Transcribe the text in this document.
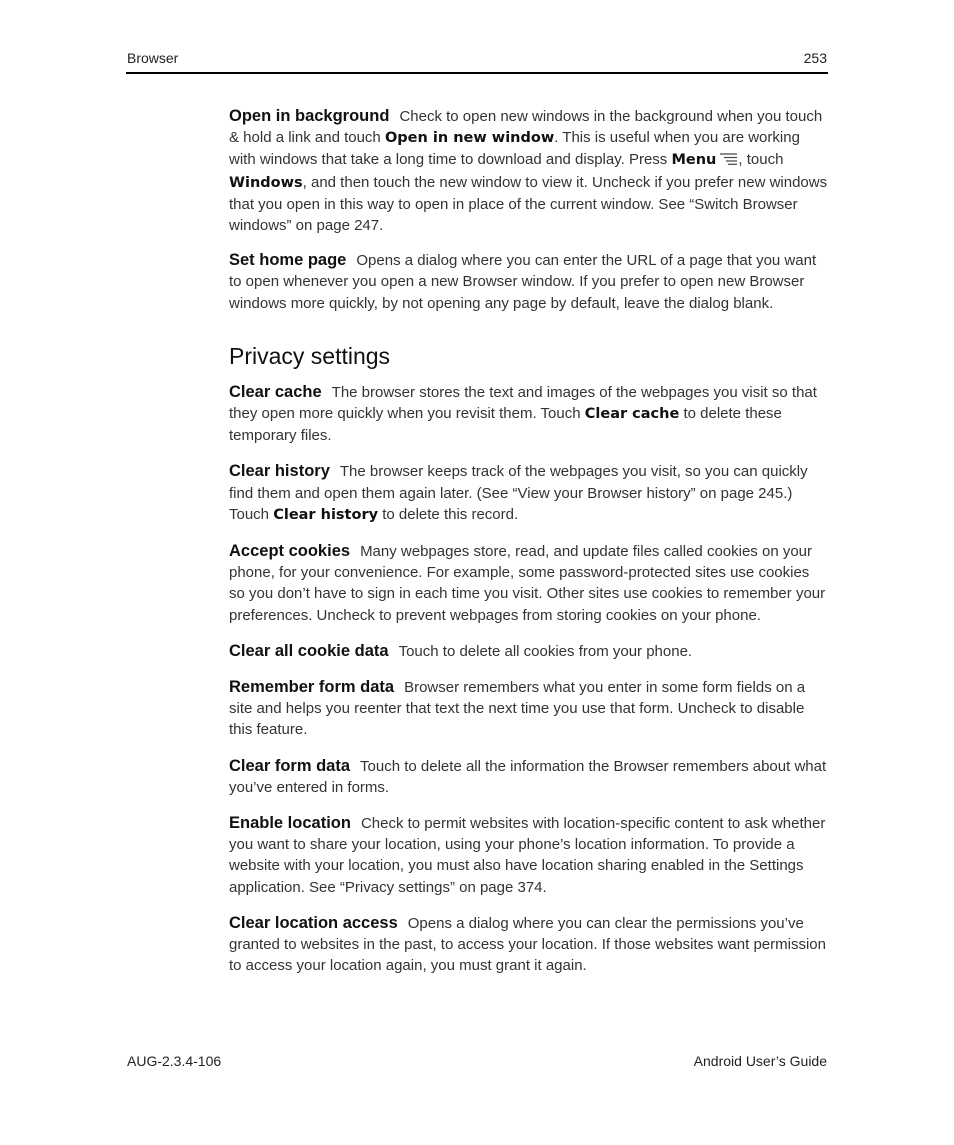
Browser	253

Open in background Check to open new windows in the background when you touch & hold a link and touch Open in new window. This is useful when you are working with windows that take a long time to download and display. Press Menu , touch Windows, and then touch the new window to view it. Uncheck if you prefer new windows that you open in this way to open in place of the current window. See “Switch Browser windows” on page 247.

Set home page Opens a dialog where you can enter the URL of a page that you want to open whenever you open a new Browser window. If you prefer to open new Browser windows more quickly, by not opening any page by default, leave the dialog blank.

Privacy settings

Clear cache The browser stores the text and images of the webpages you visit so that they open more quickly when you revisit them. Touch Clear cache to delete these temporary files.

Clear history The browser keeps track of the webpages you visit, so you can quickly find them and open them again later. (See “View your Browser history” on page 245.) Touch Clear history to delete this record.

Accept cookies Many webpages store, read, and update files called cookies on your phone, for your convenience. For example, some password-protected sites use cookies so you don’t have to sign in each time you visit. Other sites use cookies to remember your preferences. Uncheck to prevent webpages from storing cookies on your phone.

Clear all cookie data Touch to delete all cookies from your phone.

Remember form data Browser remembers what you enter in some form fields on a site and helps you reenter that text the next time you use that form. Uncheck to disable this feature.

Clear form data Touch to delete all the information the Browser remembers about what you’ve entered in forms.

Enable location Check to permit websites with location-specific content to ask whether you want to share your location, using your phone’s location information. To provide a website with your location, you must also have location sharing enabled in the Settings application. See “Privacy settings” on page 374.

Clear location access Opens a dialog where you can clear the permissions you’ve granted to websites in the past, to access your location. If those websites want permission to access your location again, you must grant it again.

AUG-2.3.4-106	Android User’s Guide
